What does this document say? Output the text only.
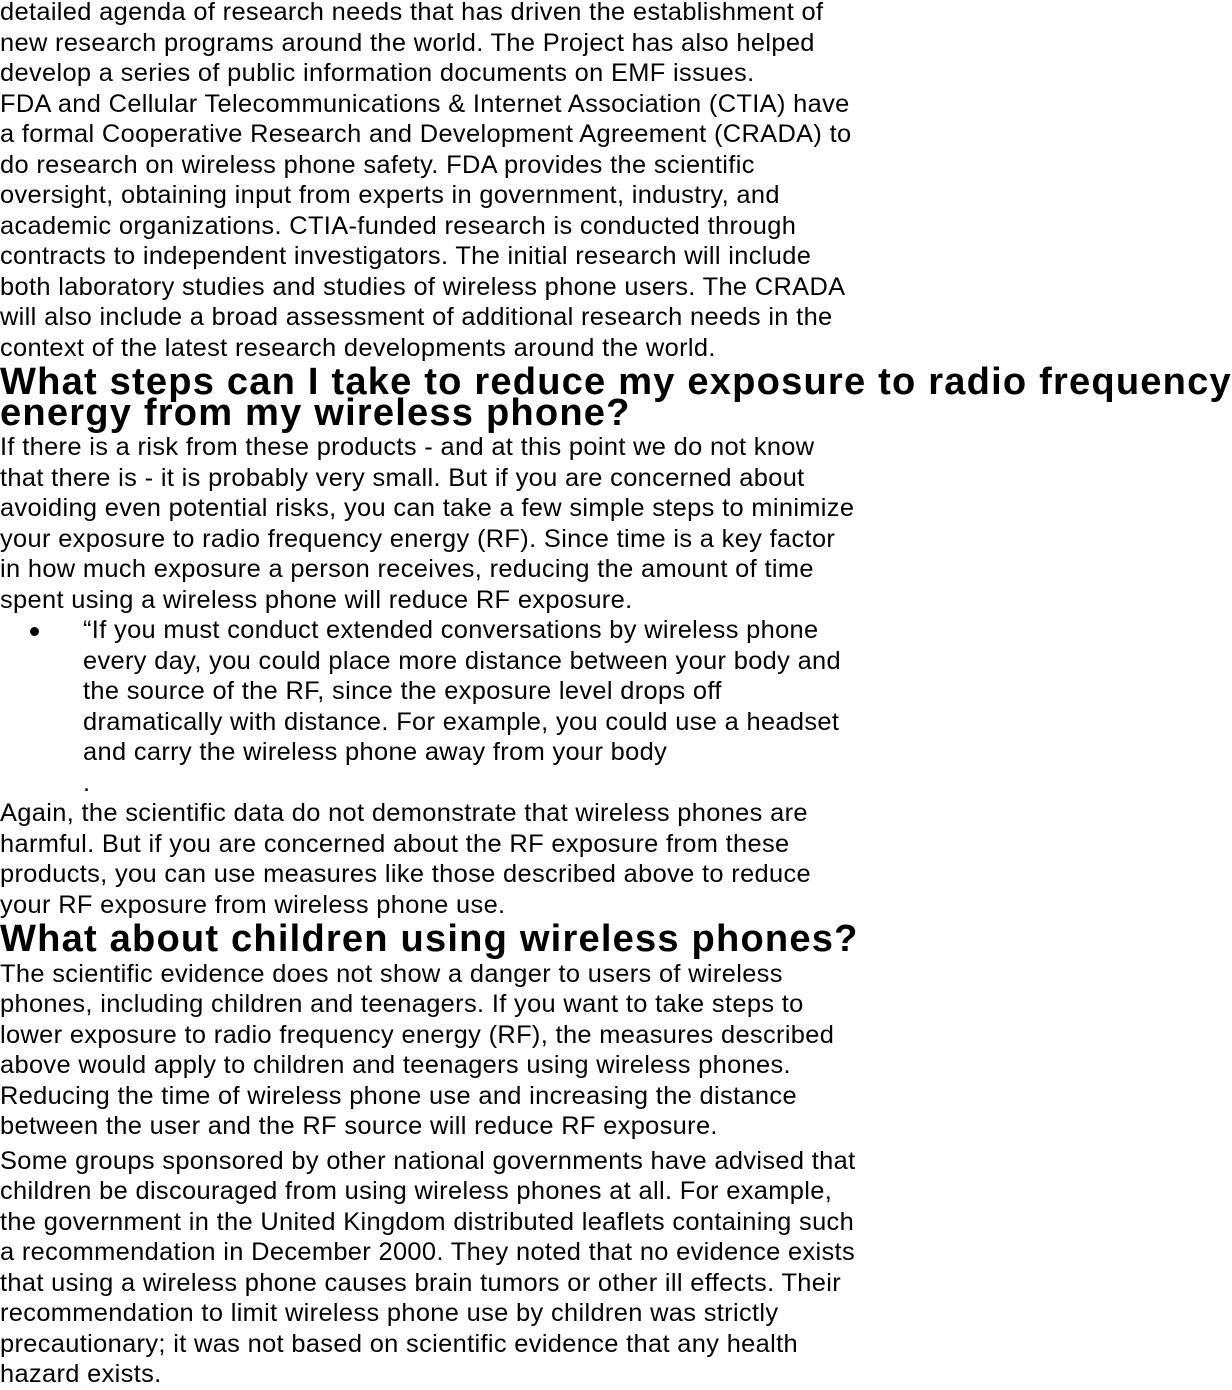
detailed agenda of research needs that has driven the establishment of
new research programs around the world. The Project has also helped
develop a series of public information documents on EMF issues.

FDA and Cellular Telecommunications & Internet Association (CTIA) have
a formal Cooperative Research and Development Agreement (CRADA) to
do research on wireless phone safety. FDA provides the scientific
oversight, obtaining input from experts in government, industry, and
academic organizations. CTIA-funded research is conducted through
contracts to independent investigators. The initial research will include
both laboratory studies and studies of wireless phone users. The CRADA
will also include a broad assessment of additional research needs in the
context of the latest research developments around the world.

What steps can I take to reduce my exposure to radio frequency
energy from my wireless phone?

If there is a risk from these products - and at this point we do not know
that there is - it is probably very small. But if you are concerned about
avoiding even potential risks, you can take a few simple steps to minimize
your exposure to radio frequency energy (RF). Since time is a key factor
in how much exposure a person receives, reducing the amount of time
spent using a wireless phone will reduce RF exposure.

“If you must conduct extended conversations by wireless phone
every day, you could place more distance between your body and
the source of the RF, since the exposure level drops off
dramatically with distance. For example, you could use a headset
and carry the wireless phone away from your body
.

Again, the scientific data do not demonstrate that wireless phones are
harmful. But if you are concerned about the RF exposure from these
products, you can use measures like those described above to reduce
your RF exposure from wireless phone use.

What about children using wireless phones?

The scientific evidence does not show a danger to users of wireless
phones, including children and teenagers. If you want to take steps to
lower exposure to radio frequency energy (RF), the measures described
above would apply to children and teenagers using wireless phones.
Reducing the time of wireless phone use and increasing the distance
between the user and the RF source will reduce RF exposure.

Some groups sponsored by other national governments have advised that
children be discouraged from using wireless phones at all. For example,
the government in the United Kingdom distributed leaflets containing such
a recommendation in December 2000. They noted that no evidence exists
that using a wireless phone causes brain tumors or other ill effects. Their
recommendation to limit wireless phone use by children was strictly
precautionary; it was not based on scientific evidence that any health
hazard exists.
